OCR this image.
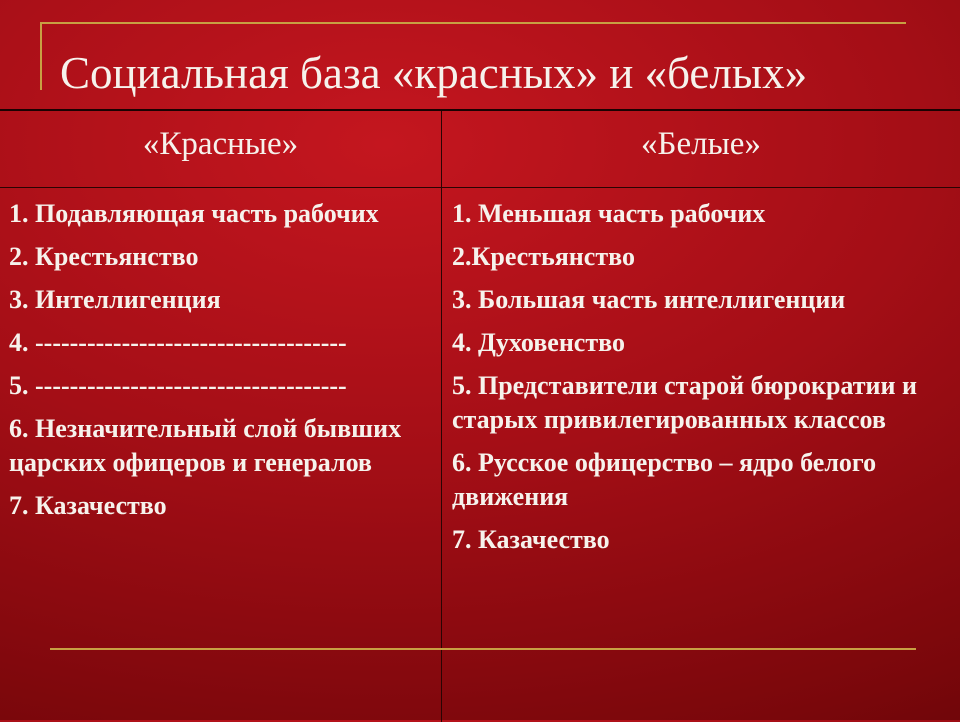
Социальная база «красных» и «белых»
«Красные»	«Белые»
1. Подавляющая часть рабочих
2. Крестьянство
3. Интеллигенция
4. ------------------------------------
5. ------------------------------------
6. Незначительный слой бывших царских офицеров и генералов
7. Казачество
1. Меньшая часть рабочих
2.Крестьянство
3. Большая часть интеллигенции
4. Духовенство
5. Представители старой бюрократии и старых привилегированных классов
6. Русское офицерство – ядро белого движения
7. Казачество
